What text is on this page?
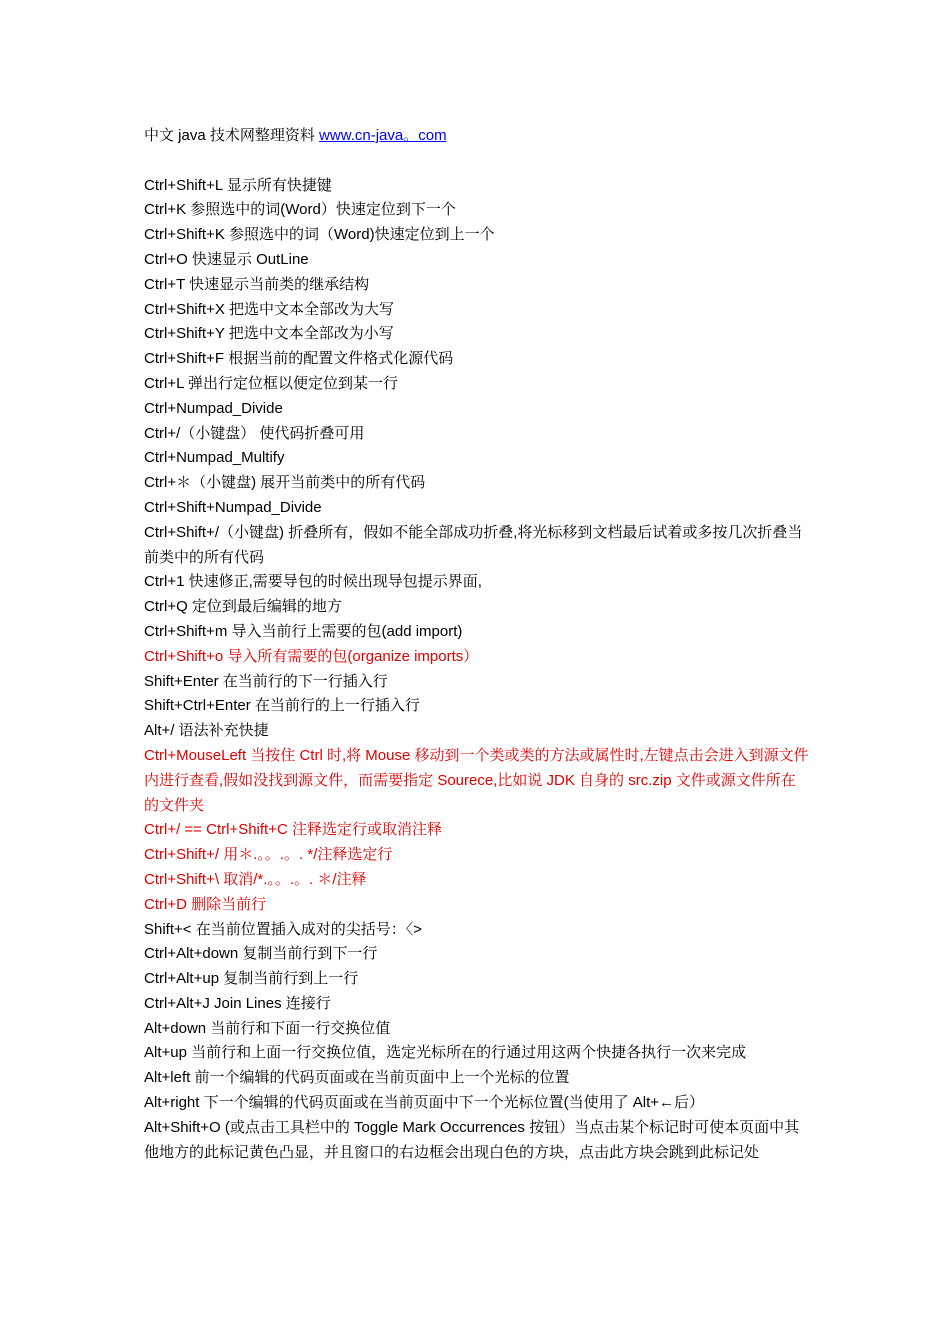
中文 java 技术网整理资料 www.cn-java。com

Ctrl+Shift+L 显示所有快捷键

Ctrl+K 参照选中的词(Word）快速定位到下一个

Ctrl+Shift+K 参照选中的词（Word)快速定位到上一个

Ctrl+O 快速显示 OutLine

Ctrl+T 快速显示当前类的继承结构

Ctrl+Shift+X 把选中文本全部改为大写

Ctrl+Shift+Y 把选中文本全部改为小写

Ctrl+Shift+F 根据当前的配置文件格式化源代码

Ctrl+L 弹出行定位框以便定位到某一行

Ctrl+Numpad_Divide

Ctrl+/（小键盘） 使代码折叠可用

Ctrl+Numpad_Multify

Ctrl+＊（小键盘) 展开当前类中的所有代码

Ctrl+Shift+Numpad_Divide

Ctrl+Shift+/（小键盘) 折叠所有，假如不能全部成功折叠,将光标移到文档最后试着或多按几次折叠当前类中的所有代码

Ctrl+1 快速修正,需要导包的时候出现导包提示界面,

Ctrl+Q 定位到最后编辑的地方

Ctrl+Shift+m 导入当前行上需要的包(add import)

Ctrl+Shift+o 导入所有需要的包(organize imports）

Shift+Enter 在当前行的下一行插入行

Shift+Ctrl+Enter 在当前行的上一行插入行

Alt+/ 语法补充快捷

Ctrl+MouseLeft 当按住 Ctrl 时,将 Mouse 移动到一个类或类的方法或属性时,左键点击会进入到源文件内进行查看,假如没找到源文件，而需要指定 Sourece,比如说 JDK 自身的 src.zip 文件或源文件所在的文件夹

Ctrl+/ == Ctrl+Shift+C 注释选定行或取消注释

Ctrl+Shift+/ 用＊.。。.。. */注释选定行

Ctrl+Shift+\ 取消/*.。。.。. ＊/注释

Ctrl+D 删除当前行

Shift+< 在当前位置插入成对的尖括号：〈>

Ctrl+Alt+down 复制当前行到下一行

Ctrl+Alt+up 复制当前行到上一行

Ctrl+Alt+J Join Lines 连接行

Alt+down 当前行和下面一行交换位值

Alt+up 当前行和上面一行交换位值，选定光标所在的行通过用这两个快捷各执行一次来完成

Alt+left 前一个编辑的代码页面或在当前页面中上一个光标的位置

Alt+right 下一个编辑的代码页面或在当前页面中下一个光标位置(当使用了 Alt+←后）

Alt+Shift+O (或点击工具栏中的 Toggle Mark Occurrences 按钮）当点击某个标记时可使本页面中其他地方的此标记黄色凸显，并且窗口的右边框会出现白色的方块，点击此方块会跳到此标记处
